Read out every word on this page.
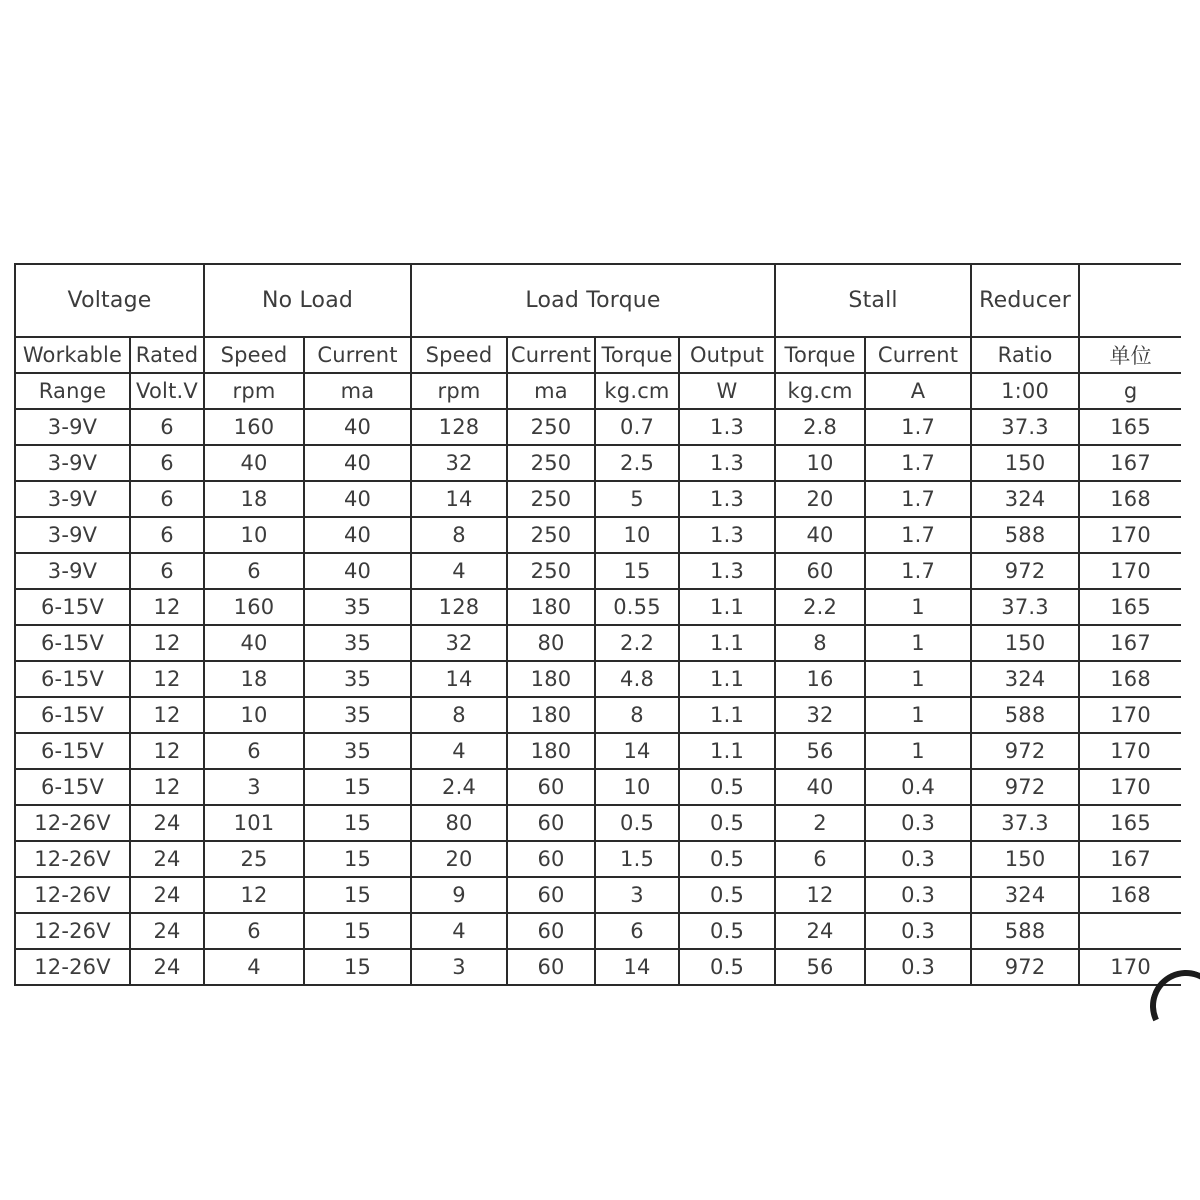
Voltage		No Load		Load Torque				Stall		Reducer	
Workable	Rated	Speed	Current	Speed	Current	Torque	Output	Torque	Current	Ratio	单位
Range	Volt.V	rpm	ma	rpm	ma	kg.cm	W	kg.cm	A	1:00	g
3-9V	6	160	40	128	250	0.7	1.3	2.8	1.7	37.3	165
3-9V	6	40	40	32	250	2.5	1.3	10	1.7	150	167
3-9V	6	18	40	14	250	5	1.3	20	1.7	324	168
3-9V	6	10	40	8	250	10	1.3	40	1.7	588	170
3-9V	6	6	40	4	250	15	1.3	60	1.7	972	170
6-15V	12	160	35	128	180	0.55	1.1	2.2	1	37.3	165
6-15V	12	40	35	32	80	2.2	1.1	8	1	150	167
6-15V	12	18	35	14	180	4.8	1.1	16	1	324	168
6-15V	12	10	35	8	180	8	1.1	32	1	588	170
6-15V	12	6	35	4	180	14	1.1	56	1	972	170
6-15V	12	3	15	2.4	60	10	0.5	40	0.4	972	170
12-26V	24	101	15	80	60	0.5	0.5	2	0.3	37.3	165
12-26V	24	25	15	20	60	1.5	0.5	6	0.3	150	167
12-26V	24	12	15	9	60	3	0.5	12	0.3	324	168
12-26V	24	6	15	4	60	6	0.5	24	0.3	588	
12-26V	24	4	15	3	60	14	0.5	56	0.3	972	170
